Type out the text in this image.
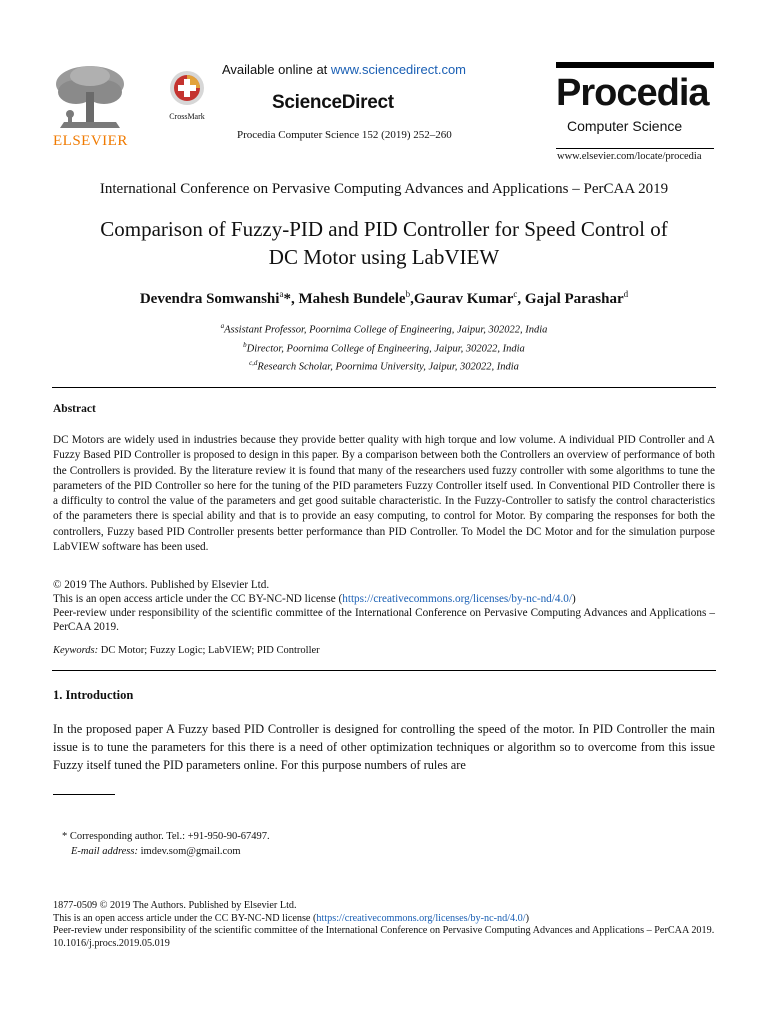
ELSEVIER
CrossMark
Available online at www.sciencedirect.com
ScienceDirect
Procedia Computer Science 152 (2019) 252–260
Procedia
Computer Science
www.elsevier.com/locate/procedia
International Conference on Pervasive Computing Advances and Applications – PerCAA 2019
Comparison of Fuzzy-PID and PID Controller for Speed Control of
DC Motor using LabVIEW
Devendra Somwanshi$^a$*, Mahesh Bundele$^b$,Gaurav Kumar$^c$, Gajal Parashar$^d$
$^a$Assistant Professor, Poornima College of Engineering, Jaipur, 302022, India
$^b$Director, Poornima College of Engineering, Jaipur, 302022, India
$^{c,d}$Research Scholar, Poornima University, Jaipur, 302022, India
Abstract
DC Motors are widely used in industries because they provide better quality with high torque and low volume. A individual PID Controller and A Fuzzy Based PID Controller is proposed to design in this paper. By a comparison between both the Controllers an overview of performance of both the Controllers is provided. By the literature review it is found that many of the researchers used fuzzy controller with some algorithms to tune the parameters of the PID Controller so here for the tuning of the PID parameters Fuzzy Controller itself used. In Conventional PID Controller there is a difficulty to control the value of the parameters and get good suitable characteristic. In the Fuzzy-Controller to satisfy the control characteristics of the parameters there is special ability and that is to provide an easy computing, to control for Motor. By comparing the responses for both the controllers, Fuzzy based PID Controller presents better performance than PID Controller. To Model the DC Motor and for the simulation purpose LabVIEW software has been used.
© 2019 The Authors. Published by Elsevier Ltd.
This is an open access article under the CC BY-NC-ND license (https://creativecommons.org/licenses/by-nc-nd/4.0/)
Peer-review under responsibility of the scientific committee of the International Conference on Pervasive Computing Advances and Applications – PerCAA 2019.
Keywords: DC Motor; Fuzzy Logic; LabVIEW; PID Controller
1. Introduction
In the proposed paper A Fuzzy based PID Controller is designed for controlling the speed of the motor. In PID Controller the main issue is to tune the parameters for this there is a need of other optimization techniques or algorithm so to overcome from this issue Fuzzy itself tuned the PID parameters online. For this purpose numbers of rules are
* Corresponding author. Tel.: +91-950-90-67497.
E-mail address: imdev.som@gmail.com
1877-0509 © 2019 The Authors. Published by Elsevier Ltd.
This is an open access article under the CC BY-NC-ND license (https://creativecommons.org/licenses/by-nc-nd/4.0/)
Peer-review under responsibility of the scientific committee of the International Conference on Pervasive Computing Advances and Applications – PerCAA 2019.
10.1016/j.procs.2019.05.019
